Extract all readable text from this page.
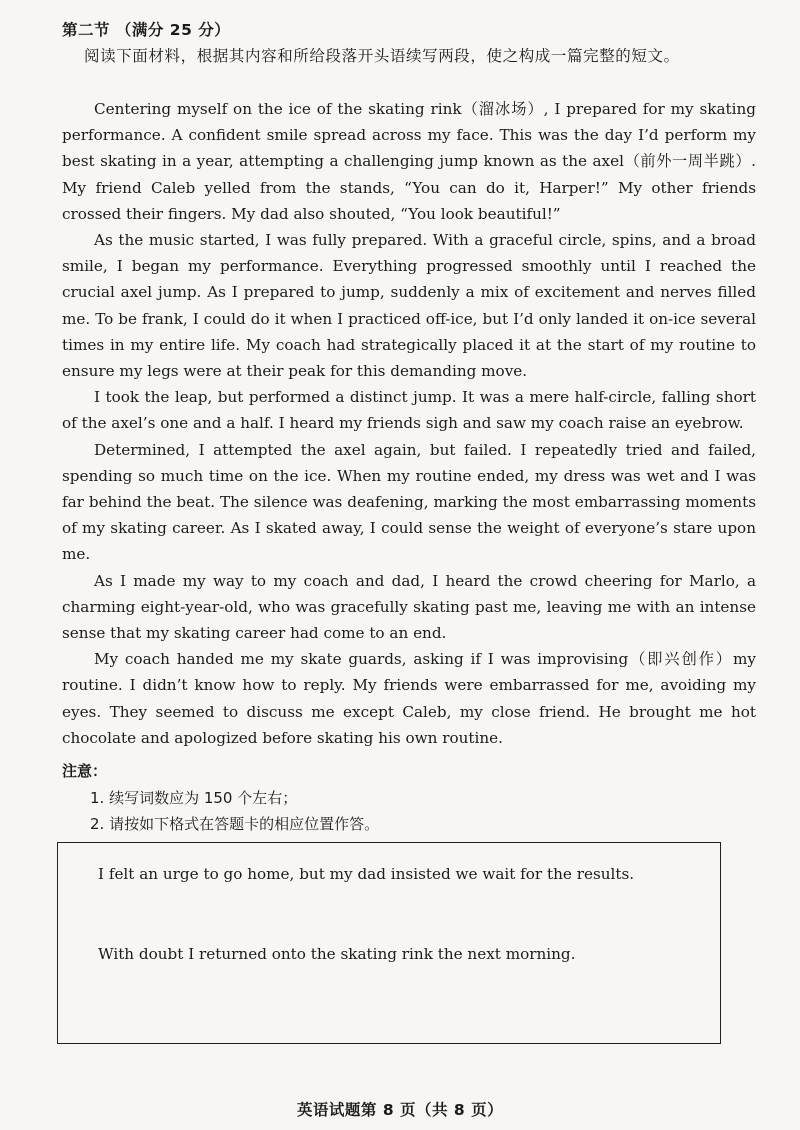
第二节 （满分 25 分）
阅读下面材料，根据其内容和所给段落开头语续写两段，使之构成一篇完整的短文。

Centering myself on the ice of the skating rink（溜冰场）, I prepared for my skating performance. A confident smile spread across my face. This was the day I’d perform my best skating in a year, attempting a challenging jump known as the axel（前外一周半跳）. My friend Caleb yelled from the stands, “You can do it, Harper!” My other friends crossed their fingers. My dad also shouted, “You look beautiful!”

As the music started, I was fully prepared. With a graceful circle, spins, and a broad smile, I began my performance. Everything progressed smoothly until I reached the crucial axel jump. As I prepared to jump, suddenly a mix of excitement and nerves filled me. To be frank, I could do it when I practiced off-ice, but I’d only landed it on-ice several times in my entire life. My coach had strategically placed it at the start of my routine to ensure my legs were at their peak for this demanding move.

I took the leap, but performed a distinct jump. It was a mere half-circle, falling short of the axel’s one and a half. I heard my friends sigh and saw my coach raise an eyebrow.

Determined, I attempted the axel again, but failed. I repeatedly tried and failed, spending so much time on the ice. When my routine ended, my dress was wet and I was far behind the beat. The silence was deafening, marking the most embarrassing moments of my skating career. As I skated away, I could sense the weight of everyone’s stare upon me.

As I made my way to my coach and dad, I heard the crowd cheering for Marlo, a charming eight-year-old, who was gracefully skating past me, leaving me with an intense sense that my skating career had come to an end.

My coach handed me my skate guards, asking if I was improvising（即兴创作）my routine. I didn’t know how to reply. My friends were embarrassed for me, avoiding my eyes. They seemed to discuss me except Caleb, my close friend. He brought me hot chocolate and apologized before skating his own routine.

注意：
1. 续写词数应为 150 个左右；
2. 请按如下格式在答题卡的相应位置作答。
I felt an urge to go home, but my dad insisted we wait for the results.
With doubt I returned onto the skating rink the next morning.
英语试题第 8 页（共 8 页）
